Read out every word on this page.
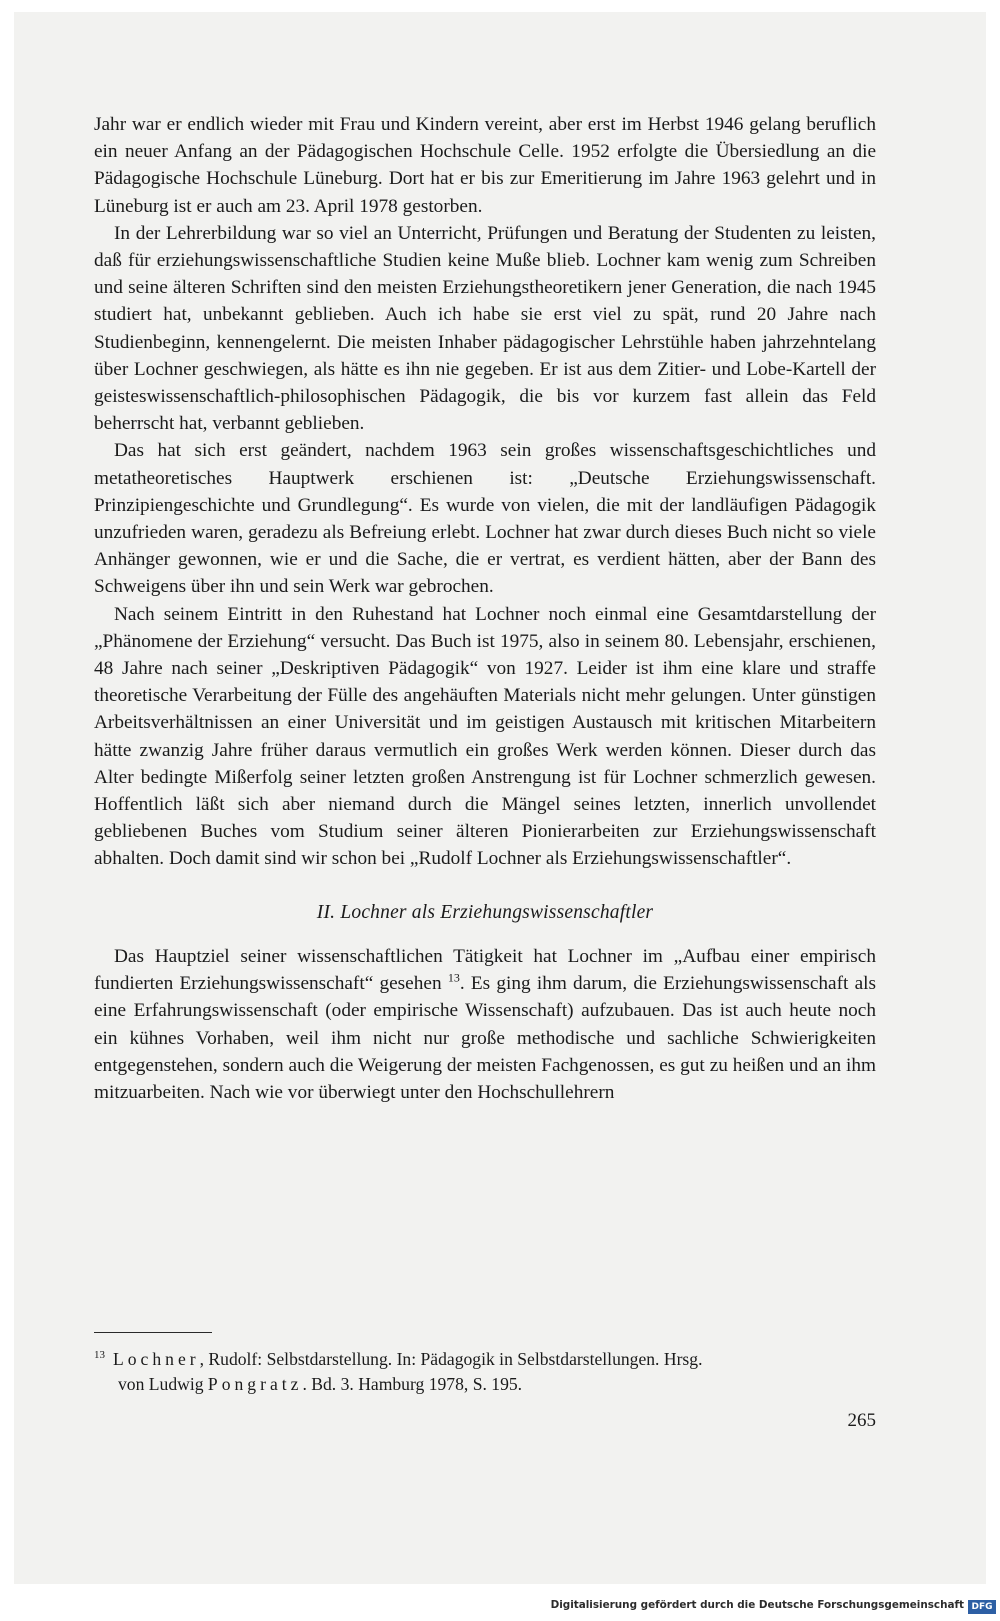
Jahr war er endlich wieder mit Frau und Kindern vereint, aber erst im Herbst 1946 gelang beruflich ein neuer Anfang an der Pädagogischen Hochschule Celle. 1952 erfolgte die Übersiedlung an die Pädagogische Hochschule Lüneburg. Dort hat er bis zur Emeritierung im Jahre 1963 gelehrt und in Lüneburg ist er auch am 23. April 1978 gestorben.

In der Lehrerbildung war so viel an Unterricht, Prüfungen und Beratung der Studenten zu leisten, daß für erziehungswissenschaftliche Studien keine Muße blieb. Lochner kam wenig zum Schreiben und seine älteren Schriften sind den meisten Erziehungstheoretikern jener Generation, die nach 1945 studiert hat, unbekannt geblieben. Auch ich habe sie erst viel zu spät, rund 20 Jahre nach Studienbeginn, kennengelernt. Die meisten Inhaber pädagogischer Lehrstühle haben jahrzehntelang über Lochner geschwiegen, als hätte es ihn nie gegeben. Er ist aus dem Zitier- und Lobe-Kartell der geisteswissenschaftlich-philosophischen Pädagogik, die bis vor kurzem fast allein das Feld beherrscht hat, verbannt geblieben.

Das hat sich erst geändert, nachdem 1963 sein großes wissenschaftsgeschichtliches und metatheoretisches Hauptwerk erschienen ist: „Deutsche Erziehungswissenschaft. Prinzipiengeschichte und Grundlegung“. Es wurde von vielen, die mit der landläufigen Pädagogik unzufrieden waren, geradezu als Befreiung erlebt. Lochner hat zwar durch dieses Buch nicht so viele Anhänger gewonnen, wie er und die Sache, die er vertrat, es verdient hätten, aber der Bann des Schweigens über ihn und sein Werk war gebrochen.

Nach seinem Eintritt in den Ruhestand hat Lochner noch einmal eine Gesamtdarstellung der „Phänomene der Erziehung“ versucht. Das Buch ist 1975, also in seinem 80. Lebensjahr, erschienen, 48 Jahre nach seiner „Deskriptiven Pädagogik“ von 1927. Leider ist ihm eine klare und straffe theoretische Verarbeitung der Fülle des angehäuften Materials nicht mehr gelungen. Unter günstigen Arbeitsverhältnissen an einer Universität und im geistigen Austausch mit kritischen Mitarbeitern hätte zwanzig Jahre früher daraus vermutlich ein großes Werk werden können. Dieser durch das Alter bedingte Mißerfolg seiner letzten großen Anstrengung ist für Lochner schmerzlich gewesen. Hoffentlich läßt sich aber niemand durch die Mängel seines letzten, innerlich unvollendet gebliebenen Buches vom Studium seiner älteren Pionierarbeiten zur Erziehungswissenschaft abhalten. Doch damit sind wir schon bei „Rudolf Lochner als Erziehungswissenschaftler“.

II. Lochner als Erziehungswissenschaftler

Das Hauptziel seiner wissenschaftlichen Tätigkeit hat Lochner im „Aufbau einer empirisch fundierten Erziehungswissenschaft“ gesehen $^{13}$. Es ging ihm darum, die Erziehungswissenschaft als eine Erfahrungswissenschaft (oder empirische Wissenschaft) aufzubauen. Das ist auch heute noch ein kühnes Vorhaben, weil ihm nicht nur große methodische und sachliche Schwierigkeiten entgegenstehen, sondern auch die Weigerung der meisten Fachgenossen, es gut zu heißen und an ihm mitzuarbeiten. Nach wie vor überwiegt unter den Hochschullehrern

$^{13}$ Lochner, Rudolf: Selbstdarstellung. In: Pädagogik in Selbstdarstellungen. Hrsg.
von Ludwig Pongratz. Bd. 3. Hamburg 1978, S. 195.
265
Digitalisierung gefördert durch die Deutsche Forschungsgemeinschaft DFG
